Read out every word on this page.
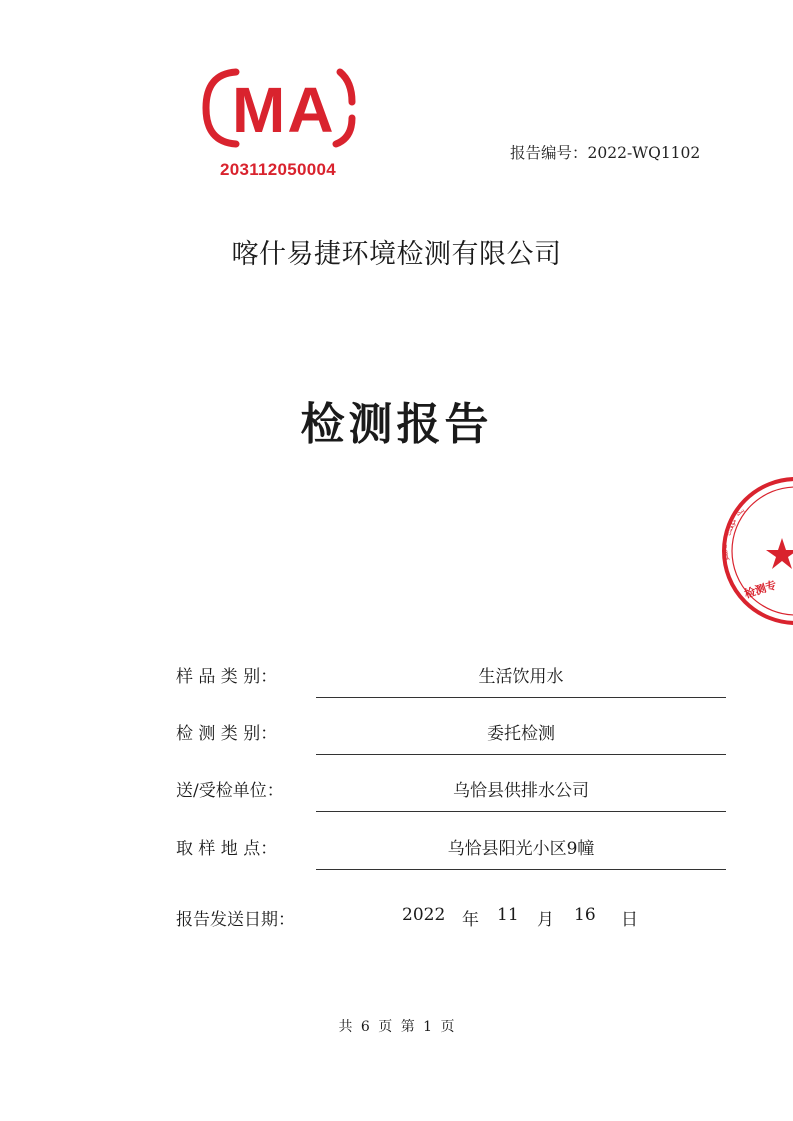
MA
203112050004
报告编号：2022-WQ1102
喀什易捷环境检测有限公司
检测报告
ﻳﯩﻜﺘ
ﻣﯘﮬﯩﺖ
ﺗﻪﻛﺸﯜ
检测专
样 品 类 别：	生活饮用水
检 测 类 别：	委托检测
送/受检单位：	乌恰县供排水公司
取 样 地 点：	乌恰县阳光小区9幢
报告发送日期：	2022 年 11 月 16 日
共 6 页 第 1 页
